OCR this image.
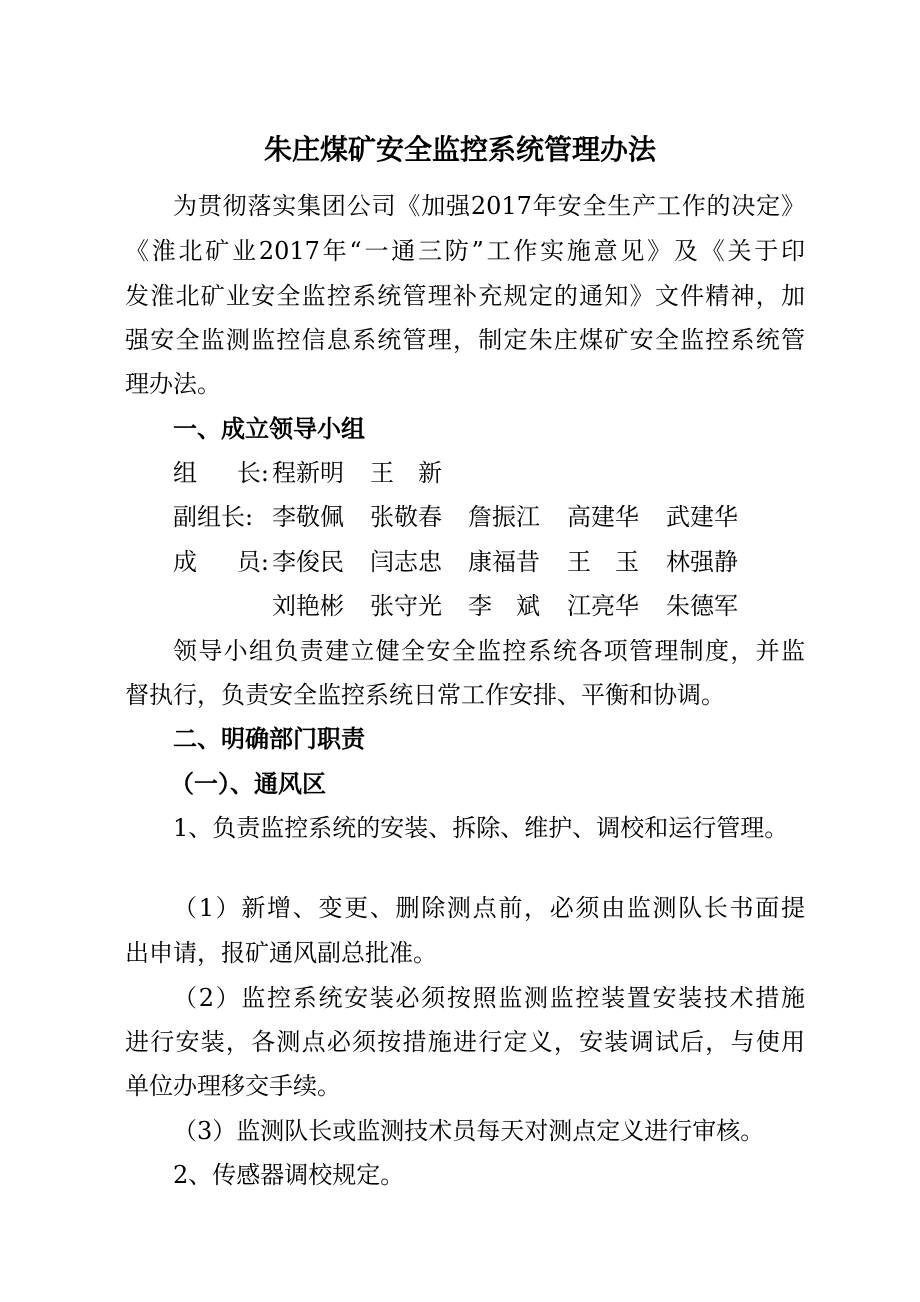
朱庄煤矿安全监控系统管理办法
为贯彻落实集团公司《加强2017年安全生产工作的决定》
《淮北矿业2017年“一通三防”工作实施意见》及《关于印
发淮北矿业安全监控系统管理补充规定的通知》文件精神，加
强安全监测监控信息系统管理，制定朱庄煤矿安全监控系统管
理办法。
一、成立领导小组
组 长: 程新明 王　新
副组长: 李敬佩 张敬春 詹振江 高建华 武建华
成 员: 李俊民 闫志忠 康福昔 王　玉 林强静
刘艳彬 张守光 李　斌 江亮华 朱德军
领导小组负责建立健全安全监控系统各项管理制度，并监
督执行，负责安全监控系统日常工作安排、平衡和协调。
二、明确部门职责
（一）、通风区
1、负责监控系统的安装、拆除、维护、调校和运行管理。
（1）新增、变更、删除测点前，必须由监测队长书面提
出申请，报矿通风副总批准。
（2）监控系统安装必须按照监测监控装置安装技术措施
进行安装，各测点必须按措施进行定义，安装调试后，与使用
单位办理移交手续。
（3）监测队长或监测技术员每天对测点定义进行审核。
2、传感器调校规定。
